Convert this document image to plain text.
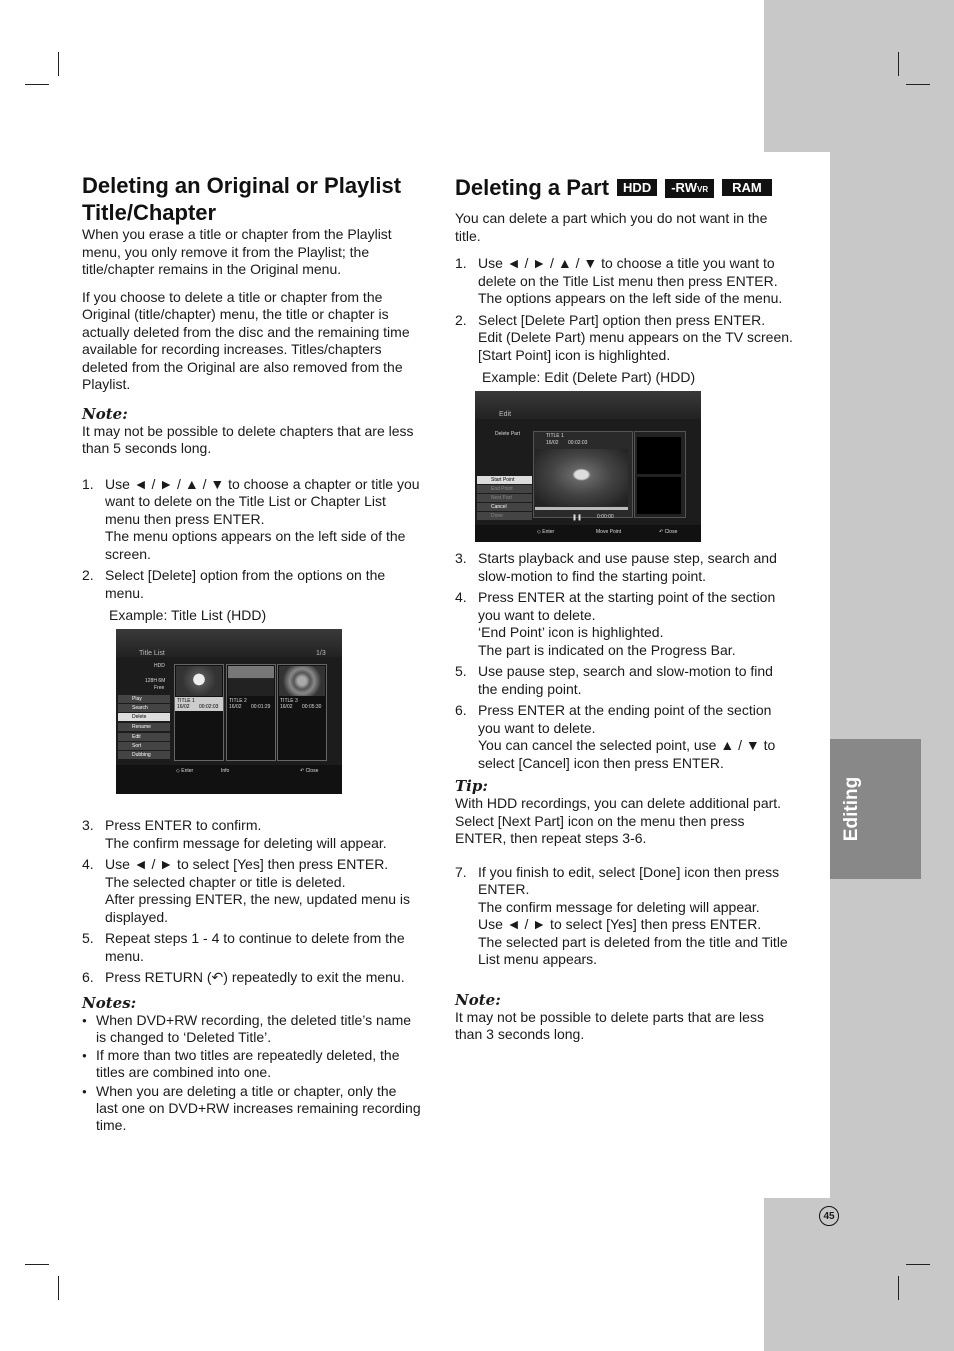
Editing
45
Deleting an Original or Playlist
Title/Chapter

When you erase a title or chapter from the Playlist
menu, you only remove it from the Playlist; the
title/chapter remains in the Original menu.

If you choose to delete a title or chapter from the
Original (title/chapter) menu, the title or chapter is
actually deleted from the disc and the remaining time
available for recording increases. Titles/chapters
deleted from the Original are also removed from the
Playlist.

Note:

It may not be possible to delete chapters that are less
than 5 seconds long.

1. Use ◄ / ► / ▲ / ▼ to choose a chapter or title you
want to delete on the Title List or Chapter List
menu then press ENTER.
The menu options appears on the left side of the
screen.
2. Select [Delete] option from the options on the
menu.

Example: Title List (HDD)

Title List	1/3
HDD
128H 6M
Free
Play
Search
Delete
Rename
Edit
Sort
Dubbing
TITLE 1
16/02 00:02:03
TITLE 2
16/02 00:01:29
TITLE 3
16/02 00:05:30
◇ Enter	Info	↶ Close
3. Press ENTER to confirm.
The confirm message for deleting will appear.
4. Use ◄ / ► to select [Yes] then press ENTER.
The selected chapter or title is deleted.
After pressing ENTER, the new, updated menu is
displayed.
5. Repeat steps 1 - 4 to continue to delete from the
menu.
6. Press RETURN (↶) repeatedly to exit the menu.
Notes:
● When DVD+RW recording, the deleted title’s name
is changed to ‘Deleted Title’.
● If more than two titles are repeatedly deleted, the
titles are combined into one.
● When you are deleting a title or chapter, only the
last one on DVD+RW increases remaining recording
time.
Deleting a Part HDD -RWVR RAM

You can delete a part which you do not want in the
title.

1. Use ◄ / ► / ▲ / ▼ to choose a title you want to
delete on the Title List menu then press ENTER.
The options appears on the left side of the menu.
2. Select [Delete Part] option then press ENTER.
Edit (Delete Part) menu appears on the TV screen.
[Start Point] icon is highlighted.

Example: Edit (Delete Part) (HDD)

Edit
Delete Part	TITLE 1
16/02 00:02:03
❚❚	0:00:00
Start Point
End Point
Next Part
Cancel
Done
◇ Enter	Move Point	↶ Close
3. Starts playback and use pause step, search and
slow-motion to find the starting point.
4. Press ENTER at the starting point of the section
you want to delete.
‘End Point’ icon is highlighted.
The part is indicated on the Progress Bar.
5. Use pause step, search and slow-motion to find
the ending point.
6. Press ENTER at the ending point of the section
you want to delete.
You can cancel the selected point, use ▲ / ▼ to
select [Cancel] icon then press ENTER.
Tip:

With HDD recordings, you can delete additional part.
Select [Next Part] icon on the menu then press
ENTER, then repeat steps 3-6.

7. If you finish to edit, select [Done] icon then press
ENTER.
The confirm message for deleting will appear.
Use ◄ / ► to select [Yes] then press ENTER.
The selected part is deleted from the title and Title
List menu appears.
Note:

It may not be possible to delete parts that are less
than 3 seconds long.
